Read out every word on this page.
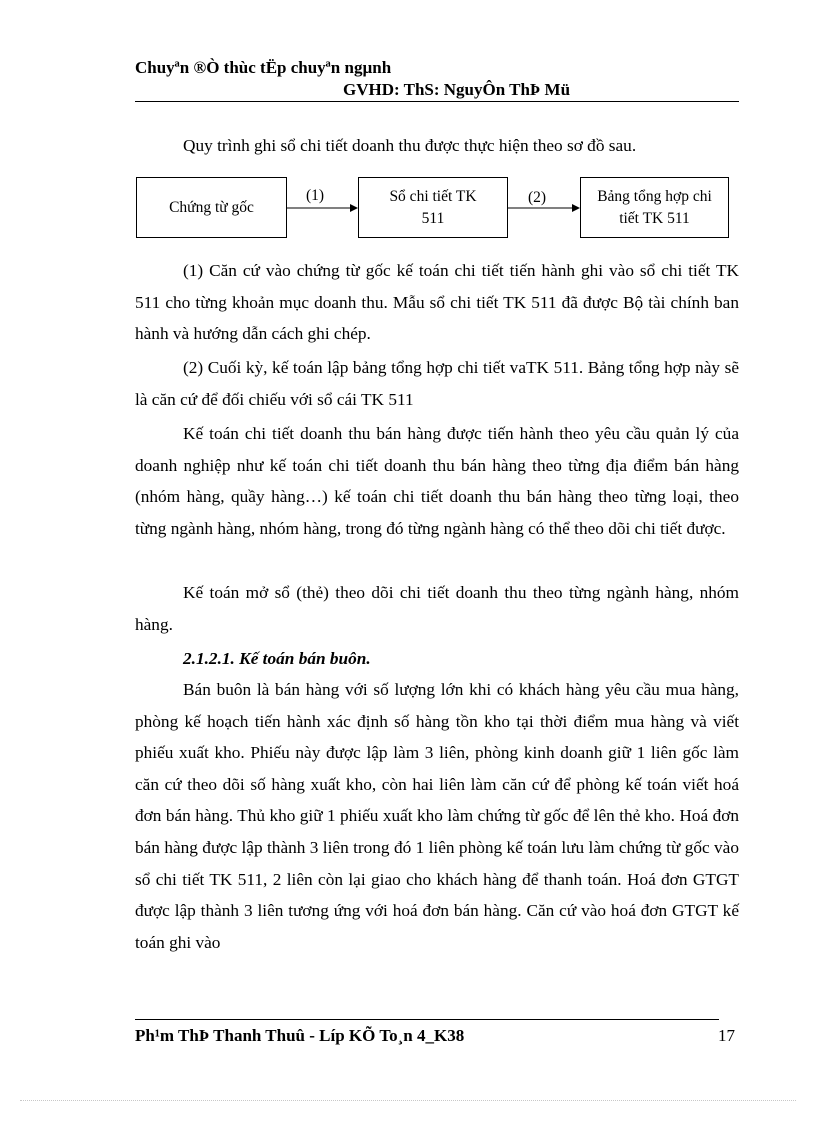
Chuyªn ®Ò thùc tËp chuyªn ngµnh
GVHD: ThS: NguyÔn ThÞ Mü
Quy trình ghi sổ chi tiết doanh thu được thực hiện theo sơ đồ sau.
Chứng từ gốc
Sổ chi tiết TK 511
Bảng tổng hợp chi tiết TK 511
(1)	(2)
(1) Căn cứ vào chứng từ gốc kế toán chi tiết tiến hành ghi vào sổ chi tiết TK 511 cho từng khoản mục doanh thu. Mẫu sổ chi tiết TK 511 đã được Bộ tài chính ban hành và hướng dẫn cách ghi chép.
(2) Cuối kỳ, kế toán lập bảng tổng hợp chi tiết vaTK 511. Bảng tổng hợp này sẽ là căn cứ để đối chiếu với sổ cái TK 511
Kế toán chi tiết doanh thu bán hàng được tiến hành theo yêu cầu quản lý của doanh nghiệp như kế toán chi tiết doanh thu bán hàng theo từng địa điểm bán hàng (nhóm hàng, quầy hàng…) kế toán chi tiết doanh thu bán hàng theo từng loại, theo từng ngành hàng, nhóm hàng, trong đó từng ngành hàng có thể theo dõi chi tiết được.
Kế toán mở sổ (thẻ) theo dõi chi tiết doanh thu theo từng ngành hàng, nhóm hàng.
2.1.2.1. Kế toán bán buôn.
Bán buôn là bán hàng với số lượng lớn khi có khách hàng yêu cầu mua hàng, phòng kế hoạch tiến hành xác định số hàng tồn kho tại thời điểm mua hàng và viết phiếu xuất kho. Phiếu này được lập làm 3 liên, phòng kinh doanh giữ 1 liên gốc làm căn cứ theo dõi số hàng xuất kho, còn hai liên làm căn cứ để phòng kế toán viết hoá đơn bán hàng. Thủ kho giữ 1 phiếu xuất kho làm chứng từ gốc để lên thẻ kho. Hoá đơn bán hàng được lập thành 3 liên trong đó 1 liên phòng kế toán lưu làm chứng từ gốc vào sổ chi tiết TK 511, 2 liên còn lại giao cho khách hàng để thanh toán. Hoá đơn GTGT được lập thành 3 liên tương ứng với hoá đơn bán hàng. Căn cứ vào hoá đơn GTGT kế toán ghi vào
Ph¹m ThÞ Thanh Thuû - Líp KÕ To¸n 4_K38	17
